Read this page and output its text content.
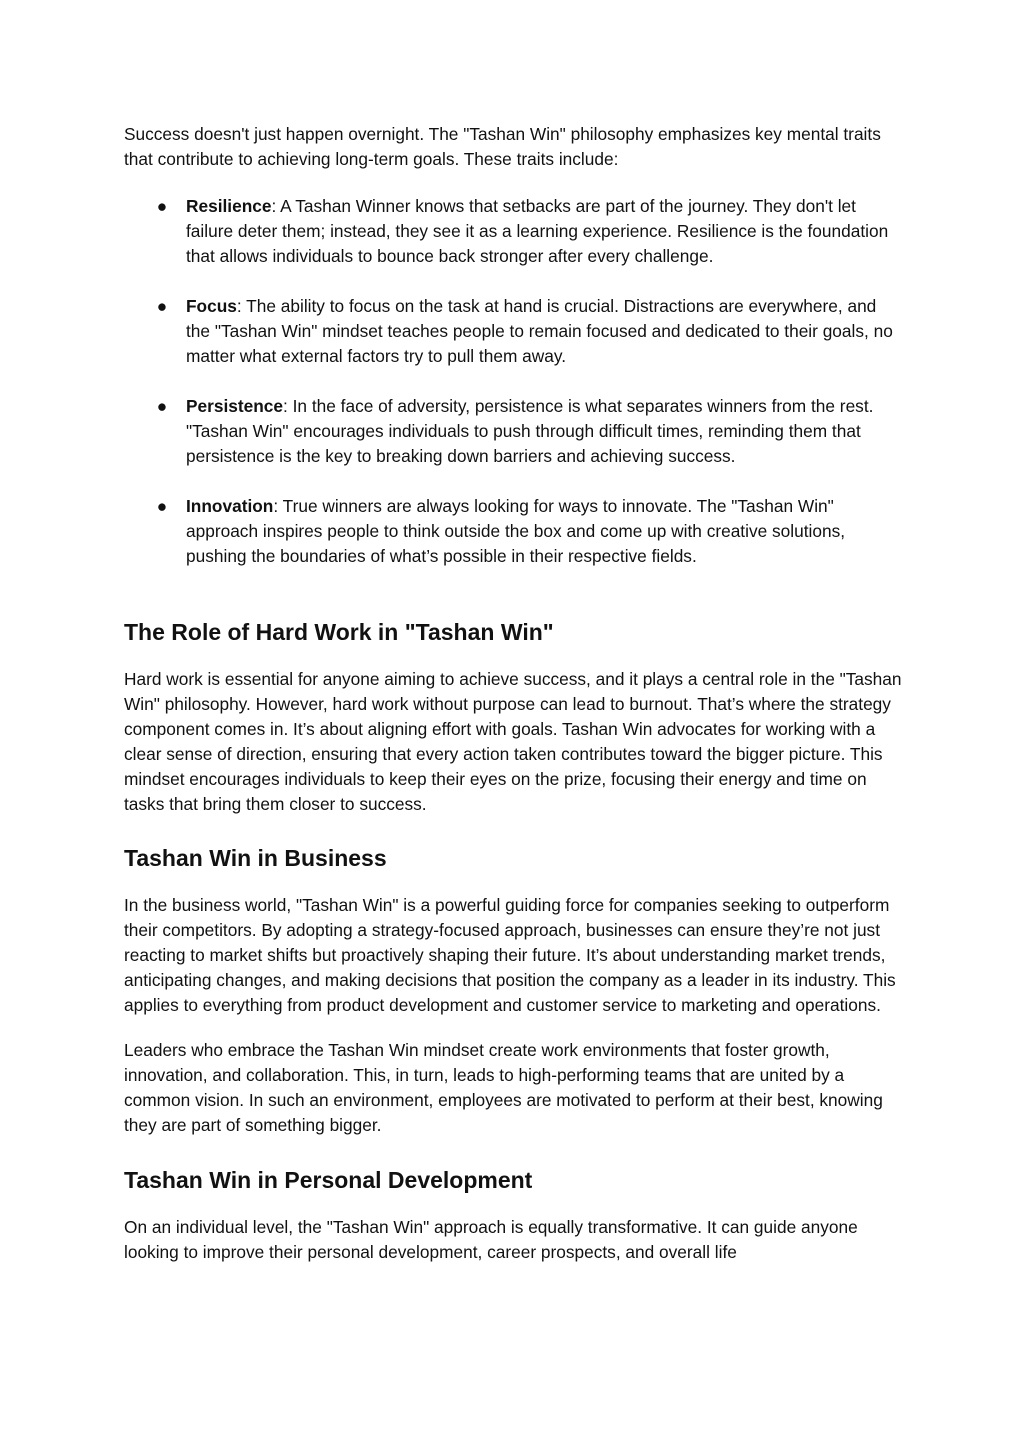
Success doesn't just happen overnight. The "Tashan Win" philosophy emphasizes key mental traits that contribute to achieving long-term goals. These traits include:

● Resilience: A Tashan Winner knows that setbacks are part of the journey. They don't let failure deter them; instead, they see it as a learning experience. Resilience is the foundation that allows individuals to bounce back stronger after every challenge.
● Focus: The ability to focus on the task at hand is crucial. Distractions are everywhere, and the "Tashan Win" mindset teaches people to remain focused and dedicated to their goals, no matter what external factors try to pull them away.
● Persistence: In the face of adversity, persistence is what separates winners from the rest. "Tashan Win" encourages individuals to push through difficult times, reminding them that persistence is the key to breaking down barriers and achieving success.
● Innovation: True winners are always looking for ways to innovate. The "Tashan Win" approach inspires people to think outside the box and come up with creative solutions, pushing the boundaries of what’s possible in their respective fields.
The Role of Hard Work in "Tashan Win"

Hard work is essential for anyone aiming to achieve success, and it plays a central role in the "Tashan Win" philosophy. However, hard work without purpose can lead to burnout. That’s where the strategy component comes in. It’s about aligning effort with goals. Tashan Win advocates for working with a clear sense of direction, ensuring that every action taken contributes toward the bigger picture. This mindset encourages individuals to keep their eyes on the prize, focusing their energy and time on tasks that bring them closer to success.

Tashan Win in Business

In the business world, "Tashan Win" is a powerful guiding force for companies seeking to outperform their competitors. By adopting a strategy-focused approach, businesses can ensure they’re not just reacting to market shifts but proactively shaping their future. It’s about understanding market trends, anticipating changes, and making decisions that position the company as a leader in its industry. This applies to everything from product development and customer service to marketing and operations.

Leaders who embrace the Tashan Win mindset create work environments that foster growth, innovation, and collaboration. This, in turn, leads to high-performing teams that are united by a common vision. In such an environment, employees are motivated to perform at their best, knowing they are part of something bigger.

Tashan Win in Personal Development

On an individual level, the "Tashan Win" approach is equally transformative. It can guide anyone looking to improve their personal development, career prospects, and overall life
